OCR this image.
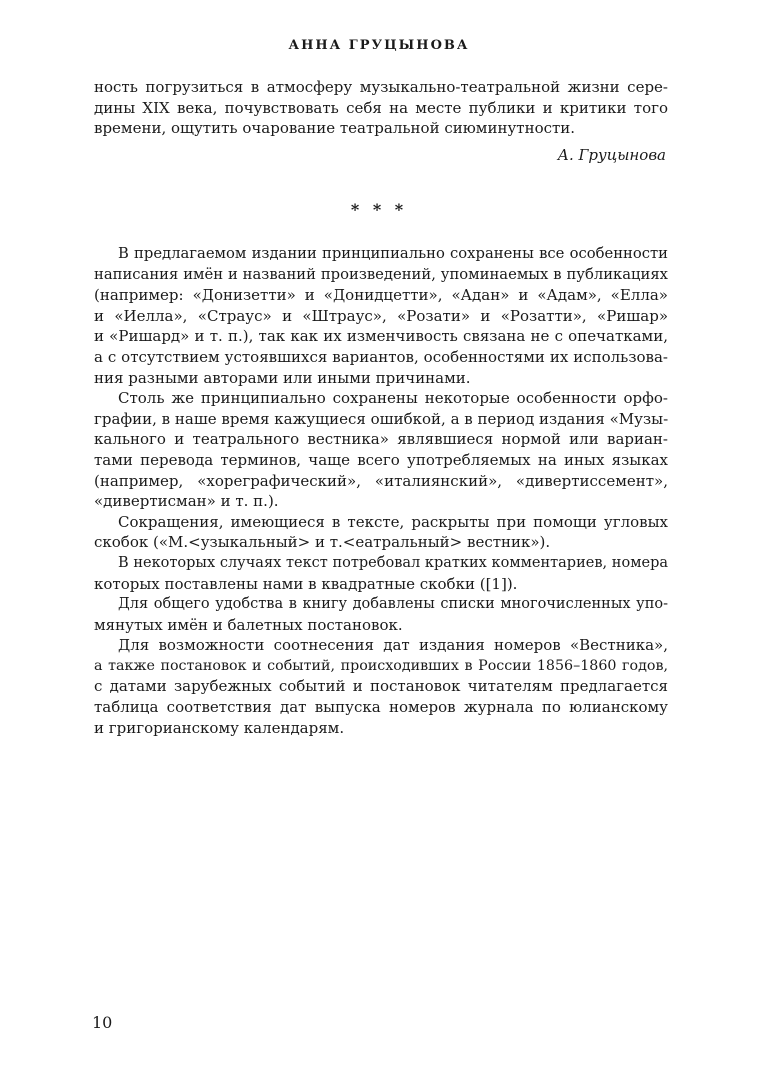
АННА ГРУЦЫНОВА
ность погрузиться в атмосферу музыкально-театральной жизни сере-
дины XIX века, почувствовать себя на месте публики и критики того
времени, ощутить очарование театральной сиюминутности.
А. Груцынова
* * *
В предлагаемом издании принципиально сохранены все особенности
написания имён и названий произведений, упоминаемых в публикациях
(например: «Донизетти» и «Донидцетти», «Адан» и «Адам», «Елла»
и «Иелла», «Страус» и «Штраус», «Розати» и «Розатти», «Ришар»
и «Ришард» и т. п.), так как их изменчивость связана не с опечатками,
а с отсутствием устоявшихся вариантов, особенностями их использова-
ния разными авторами или иными причинами.
Столь же принципиально сохранены некоторые особенности орфо-
графии, в наше время кажущиеся ошибкой, а в период издания «Музы-
кального и театрального вестника» являвшиеся нормой или вариан-
тами перевода терминов, чаще всего употребляемых на иных языках
(например, «хореграфический», «италиянский», «дивертиссемент»,
«дивертисман» и т. п.).
Сокращения, имеющиеся в тексте, раскрыты при помощи угловых
скобок («М.<узыкальный> и т.<еатральный> вестник»).
В некоторых случаях текст потребовал кратких комментариев, номера
которых поставлены нами в квадратные скобки ([1]).
Для общего удобства в книгу добавлены списки многочисленных упо-
мянутых имён и балетных постановок.
Для возможности соотнесения дат издания номеров «Вестника»,
а также постановок и событий, происходивших в России 1856–1860 годов,
с датами зарубежных событий и постановок читателям предлагается
таблица соответствия дат выпуска номеров журнала по юлианскому
и григорианскому календарям.
10
